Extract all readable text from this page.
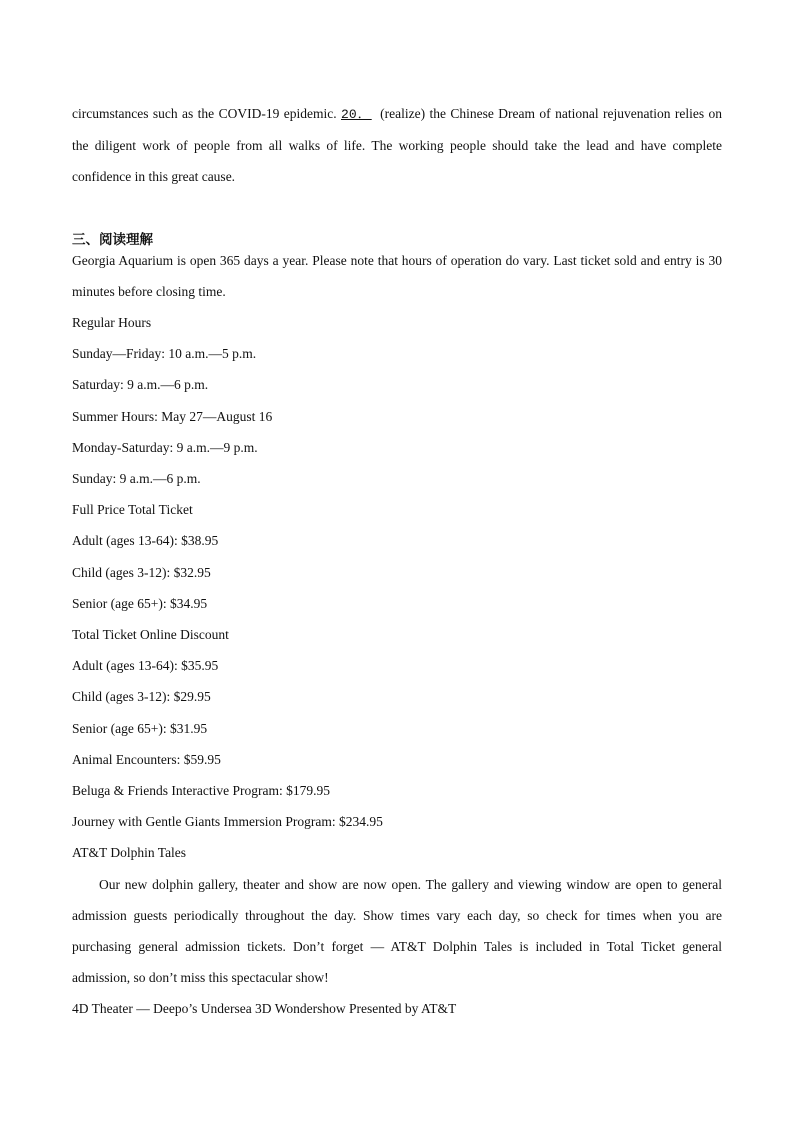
circumstances such as the COVID-19 epidemic. 20． (realize) the Chinese Dream of national rejuvenation relies on the diligent work of people from all walks of life. The working people should take the lead and have complete confidence in this great cause.

三、阅读理解

Georgia Aquarium is open 365 days a year. Please note that hours of operation do vary. Last ticket sold and entry is 30 minutes before closing time.

Regular Hours

Sunday—Friday: 10 a.m.—5 p.m.

Saturday: 9 a.m.—6 p.m.

Summer Hours: May 27—August 16

Monday-Saturday: 9 a.m.—9 p.m.

Sunday: 9 a.m.—6 p.m.

Full Price Total Ticket

Adult (ages 13-64): $38.95

Child (ages 3-12): $32.95

Senior (age 65+): $34.95

Total Ticket Online Discount

Adult (ages 13-64): $35.95

Child (ages 3-12): $29.95

Senior (age 65+): $31.95

Animal Encounters: $59.95

Beluga & Friends Interactive Program: $179.95

Journey with Gentle Giants Immersion Program: $234.95

AT&T Dolphin Tales

Our new dolphin gallery, theater and show are now open. The gallery and viewing window are open to general admission guests periodically throughout the day. Show times vary each day, so check for times when you are purchasing general admission tickets. Don’t forget — AT&T Dolphin Tales is included in Total Ticket general admission, so don’t miss this spectacular show!

4D Theater — Deepo’s Undersea 3D Wondershow Presented by AT&T
